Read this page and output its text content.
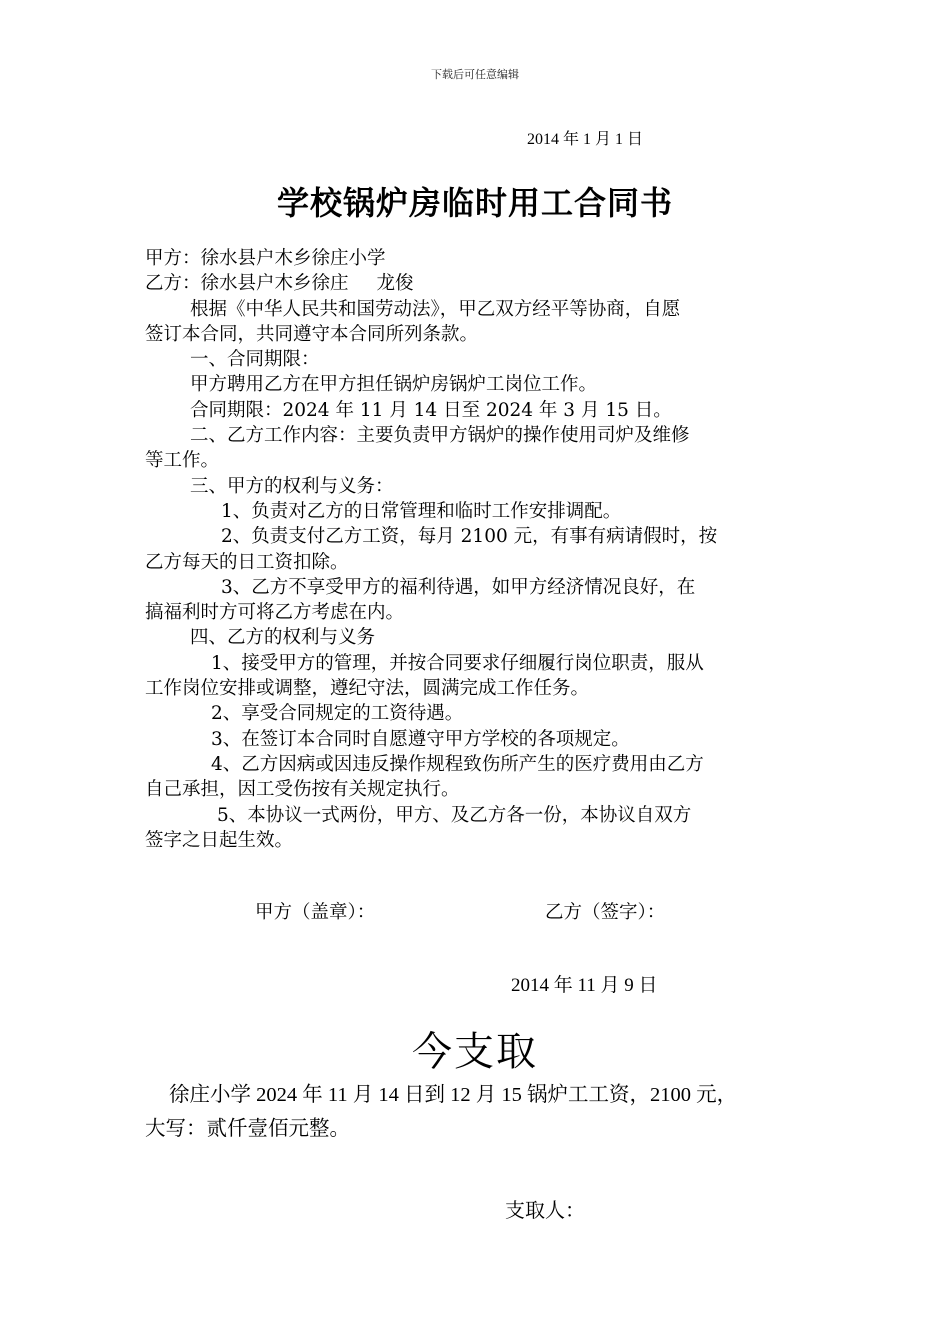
下载后可任意编辑
2014 年 1 月 1 日
学校锅炉房临时用工合同书
甲方：徐水县户木乡徐庄小学
乙方：徐水县户木乡徐庄 龙俊
根据《中华人民共和国劳动法》，甲乙双方经平等协商，自愿
签订本合同，共同遵守本合同所列条款。
一、合同期限：
甲方聘用乙方在甲方担任锅炉房锅炉工岗位工作。
合同期限：2024 年 11 月 14 日至 2024 年 3 月 15 日。
二、乙方工作内容：主要负责甲方锅炉的操作使用司炉及维修
等工作。
三、甲方的权利与义务：
1、负责对乙方的日常管理和临时工作安排调配。
2、负责支付乙方工资，每月 2100 元，有事有病请假时，按
乙方每天的日工资扣除。
3、乙方不享受甲方的福利待遇，如甲方经济情况良好，在
搞福利时方可将乙方考虑在内。
四、乙方的权利与义务
1、接受甲方的管理，并按合同要求仔细履行岗位职责，服从
工作岗位安排或调整，遵纪守法，圆满完成工作任务。
2、享受合同规定的工资待遇。
3、在签订本合同时自愿遵守甲方学校的各项规定。
4、乙方因病或因违反操作规程致伤所产生的医疗费用由乙方
自己承担，因工受伤按有关规定执行。
5、本协议一式两份，甲方、及乙方各一份，本协议自双方
签字之日起生效。
甲方（盖章）：	乙方（签字）：
2014 年 11 月 9 日
今支取
徐庄小学 2024 年 11 月 14 日到 12 月 15 锅炉工工资，2100 元，
大写：贰仟壹佰元整。
支取人：
